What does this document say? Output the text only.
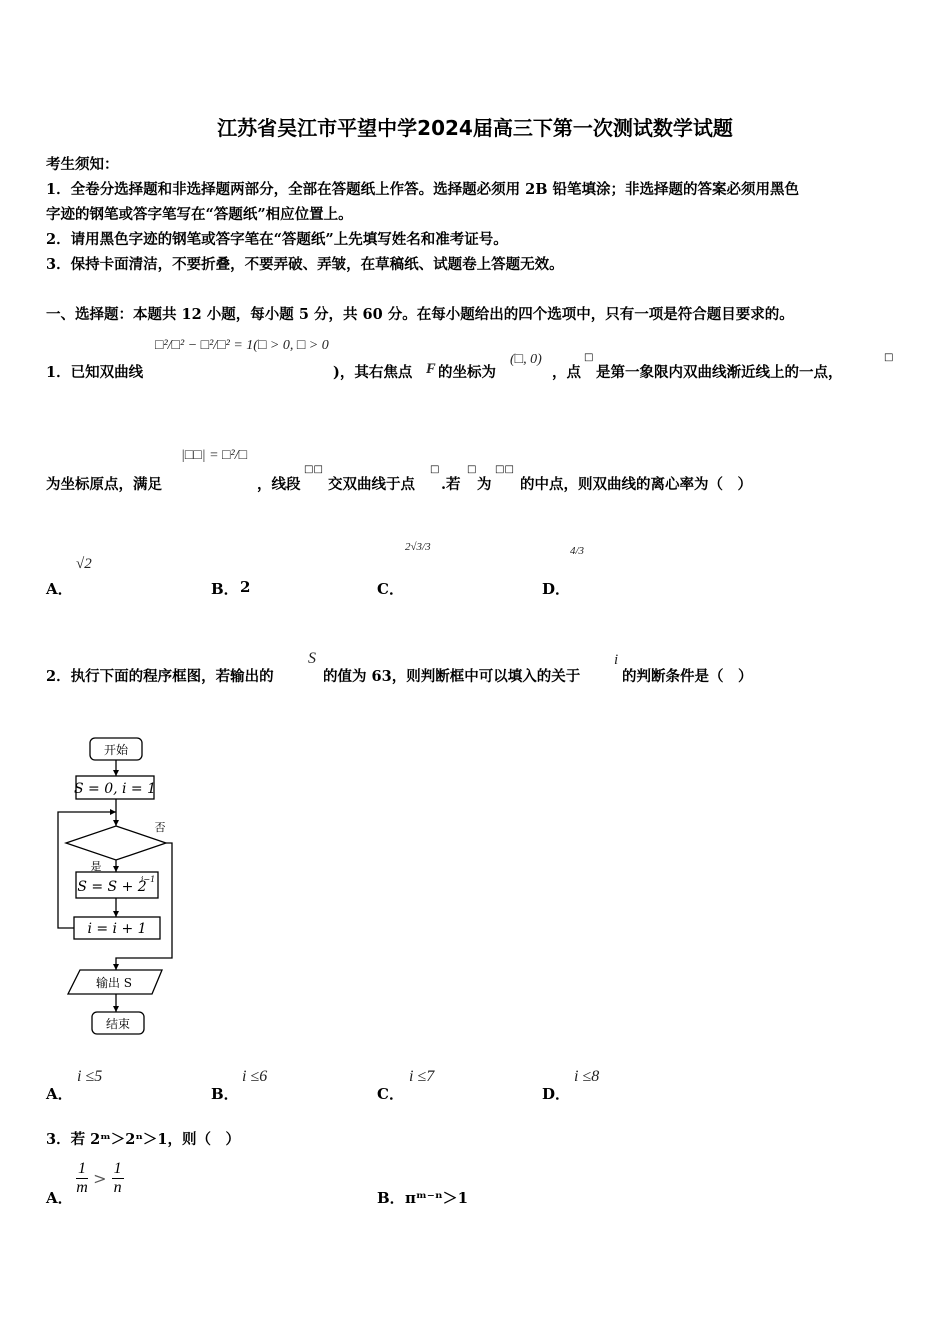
江苏省吴江市平望中学2024届高三下第一次测试数学试题
考生须知：
1．全卷分选择题和非选择题两部分，全部在答题纸上作答。选择题必须用 2B 铅笔填涂；非选择题的答案必须用黑色
字迹的钢笔或答字笔写在“答题纸”相应位置上。
2．请用黑色字迹的钢笔或答字笔在“答题纸”上先填写姓名和准考证号。
3．保持卡面清洁，不要折叠，不要弄破、弄皱，在草稿纸、试题卷上答题无效。
一、选择题：本题共 12 小题，每小题 5 分，共 60 分。在每小题给出的四个选项中，只有一项是符合题目要求的。
1．已知双曲线
□²/□² − □²/□² = 1(□ > 0, □ > 0
)，其右焦点 F 的坐标为
(□, 0)
，点
□
是第一象限内双曲线渐近线上的一点，
□
为坐标原点，满足
|□□| = □²/□
，线段
□□
交双曲线于点
□
.若
□
为
□□
的中点，则双曲线的离心率为（　）
A．
√2
B． 2	C．
2√3/3
D．
4/3
2．执行下面的程序框图，若输出的
S
的值为 63，则判断框中可以填入的关于
i
的判断条件是（　）
开始
S = 0, i = 1
否
是
S = S + 2
i−1
i = i + 1
输出 S
结束
A．
i ≤5
B．
i ≤6
C．
i ≤7
D．
i ≤8
3．若 2ᵐ＞2ⁿ＞1，则（　）
A．
$\frac{1}{m} > \frac{1}{n}$
B． πᵐ⁻ⁿ＞1
